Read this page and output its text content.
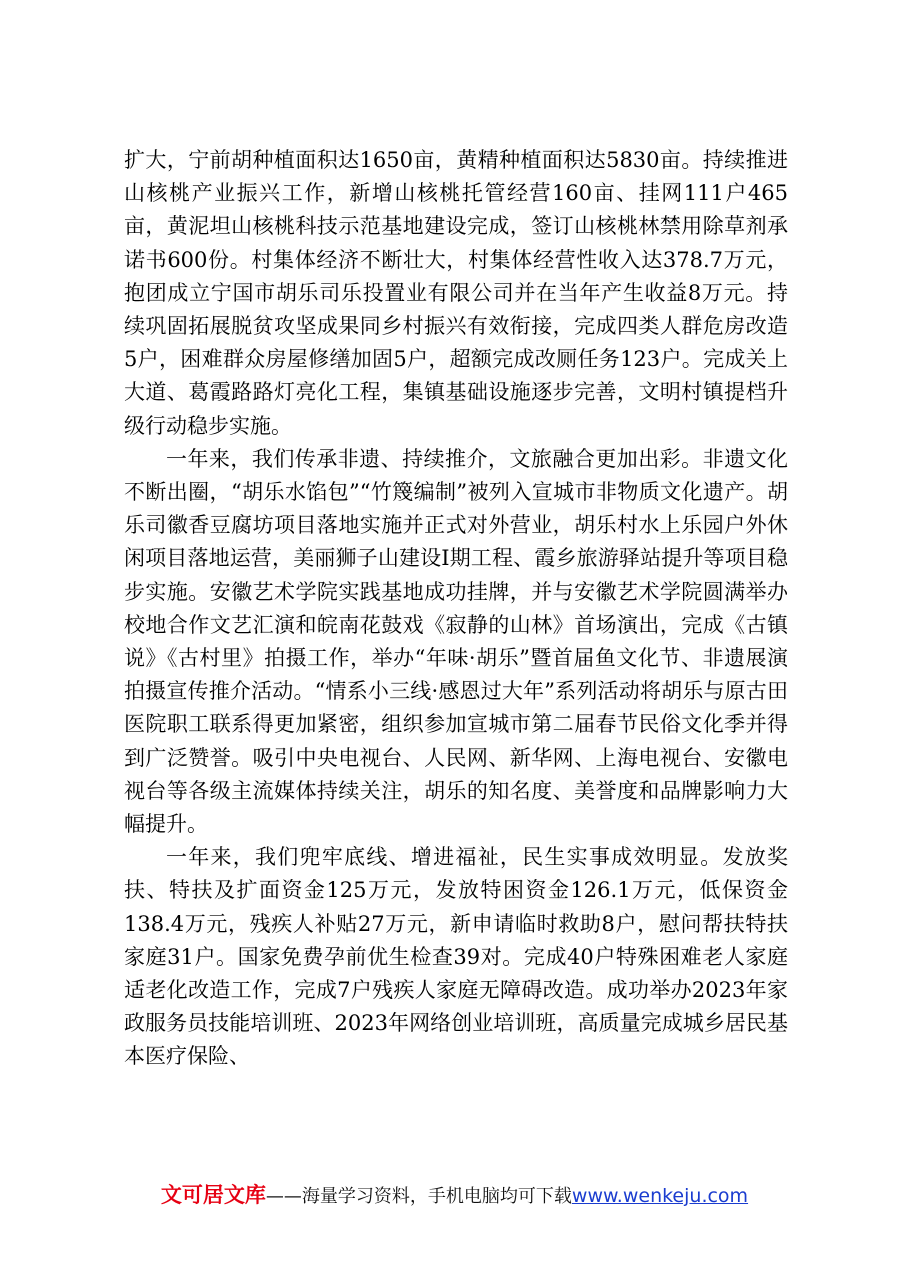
扩大，宁前胡种植面积达1650亩，黄精种植面积达5830亩。持续推进山核桃产业振兴工作，新增山核桃托管经营160亩、挂网111户465亩，黄泥坦山核桃科技示范基地建设完成，签订山核桃林禁用除草剂承诺书600份。村集体经济不断壮大，村集体经营性收入达378.7万元，抱团成立宁国市胡乐司乐投置业有限公司并在当年产生收益8万元。持续巩固拓展脱贫攻坚成果同乡村振兴有效衔接，完成四类人群危房改造5户，困难群众房屋修缮加固5户，超额完成改厕任务123户。完成关上大道、葛霞路路灯亮化工程，集镇基础设施逐步完善，文明村镇提档升级行动稳步实施。

一年来，我们传承非遗、持续推介，文旅融合更加出彩。非遗文化不断出圈，“胡乐水馅包”“竹篾编制”被列入宣城市非物质文化遗产。胡乐司徽香豆腐坊项目落地实施并正式对外营业，胡乐村水上乐园户外休闲项目落地运营，美丽狮子山建设Ⅰ期工程、霞乡旅游驿站提升等项目稳步实施。安徽艺术学院实践基地成功挂牌，并与安徽艺术学院圆满举办校地合作文艺汇演和皖南花鼓戏《寂静的山林》首场演出，完成《古镇说》《古村里》拍摄工作，举办“年味·胡乐”暨首届鱼文化节、非遗展演拍摄宣传推介活动。“情系小三线·感恩过大年”系列活动将胡乐与原古田医院职工联系得更加紧密，组织参加宣城市第二届春节民俗文化季并得到广泛赞誉。吸引中央电视台、人民网、新华网、上海电视台、安徽电视台等各级主流媒体持续关注，胡乐的知名度、美誉度和品牌影响力大幅提升。

一年来，我们兜牢底线、增进福祉，民生实事成效明显。发放奖扶、特扶及扩面资金125万元，发放特困资金126.1万元，低保资金138.4万元，残疾人补贴27万元，新申请临时救助8户，慰问帮扶特扶家庭31户。国家免费孕前优生检查39对。完成40户特殊困难老人家庭适老化改造工作，完成7户残疾人家庭无障碍改造。成功举办2023年家政服务员技能培训班、2023年网络创业培训班，高质量完成城乡居民基本医疗保险、

文可居文库——海量学习资料，手机电脑均可下载www.wenkeju.com
